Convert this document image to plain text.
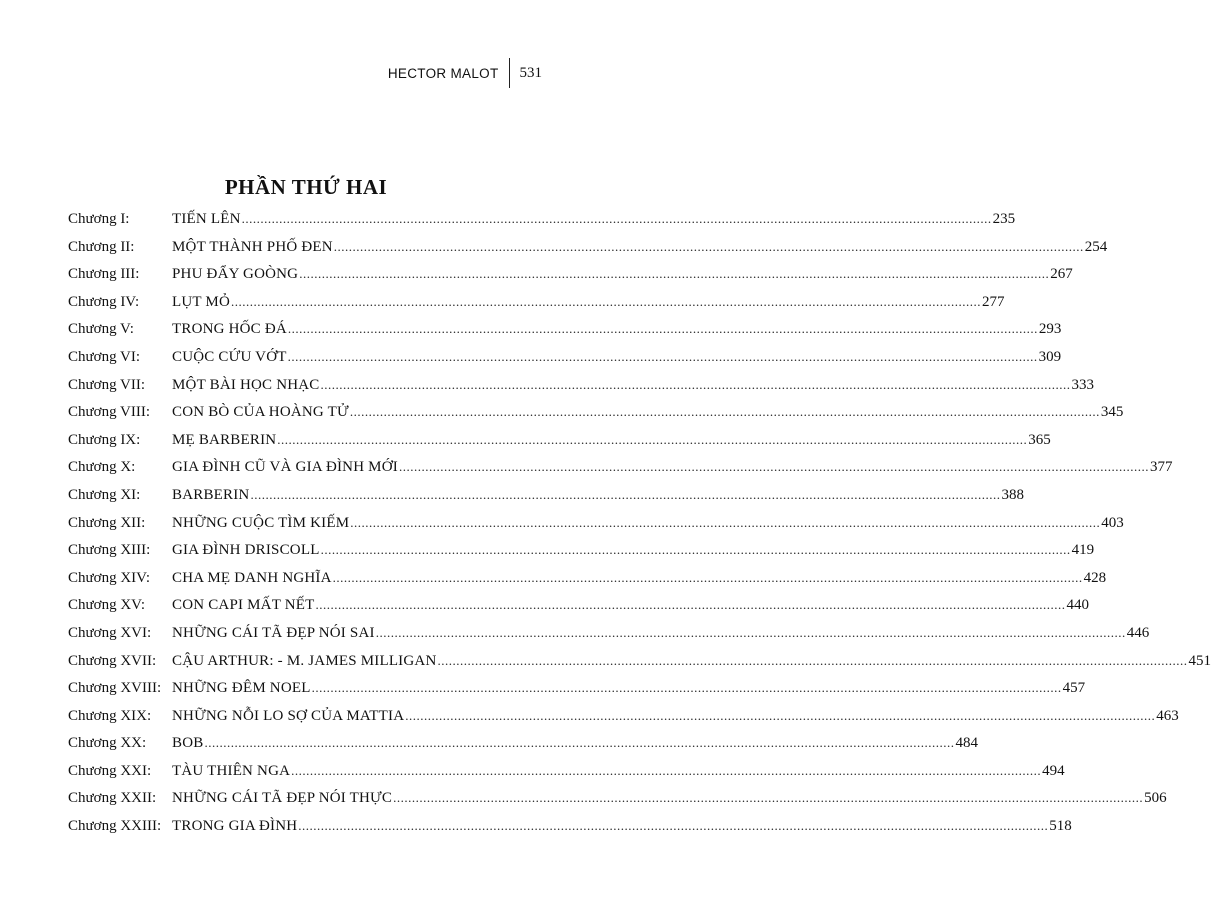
HECTOR MALOT	531
PHẦN THỨ HAI
Chương I:	TIẾN LÊN ........................................................................................................................................................................................................ 235
Chương II:	MỘT THÀNH PHỐ ĐEN ........................................................................................................................................................................................................ 254
Chương III:	PHU ĐẨY GOÒNG ........................................................................................................................................................................................................ 267
Chương IV:	LỤT MỎ ........................................................................................................................................................................................................ 277
Chương V:	TRONG HỐC ĐÁ ........................................................................................................................................................................................................ 293
Chương VI:	CUỘC CỨU VỚT ........................................................................................................................................................................................................ 309
Chương VII:	MỘT BÀI HỌC NHẠC ........................................................................................................................................................................................................ 333
Chương VIII:	CON BÒ CỦA HOÀNG TỬ ........................................................................................................................................................................................................ 345
Chương IX:	MẸ BARBERIN ........................................................................................................................................................................................................ 365
Chương X:	GIA ĐÌNH CŨ VÀ GIA ĐÌNH MỚI ........................................................................................................................................................................................................ 377
Chương XI:	BARBERIN ........................................................................................................................................................................................................ 388
Chương XII:	NHỮNG CUỘC TÌM KIẾM ........................................................................................................................................................................................................ 403
Chương XIII:	GIA ĐÌNH DRISCOLL ........................................................................................................................................................................................................ 419
Chương XIV:	CHA MẸ DANH NGHĨA ........................................................................................................................................................................................................ 428
Chương XV:	CON CAPI MẤT NẾT ........................................................................................................................................................................................................ 440
Chương XVI:	NHỮNG CÁI TÃ ĐẸP NÓI SAI ........................................................................................................................................................................................................ 446
Chương XVII:	CẬU ARTHUR: - M. JAMES MILLIGAN ........................................................................................................................................................................................................ 451
Chương XVIII: NHỮNG ĐÊM NOEL ........................................................................................................................................................................................................ 457
Chương XIX:	NHỮNG NỖI LO SỢ CỦA MATTIA ........................................................................................................................................................................................................ 463
Chương XX:	BOB ........................................................................................................................................................................................................ 484
Chương XXI:	TÀU THIÊN NGA ........................................................................................................................................................................................................ 494
Chương XXII:	NHỮNG CÁI TÃ ĐẸP NÓI THỰC ........................................................................................................................................................................................................ 506
Chương XXIII: TRONG GIA ĐÌNH ........................................................................................................................................................................................................ 518
